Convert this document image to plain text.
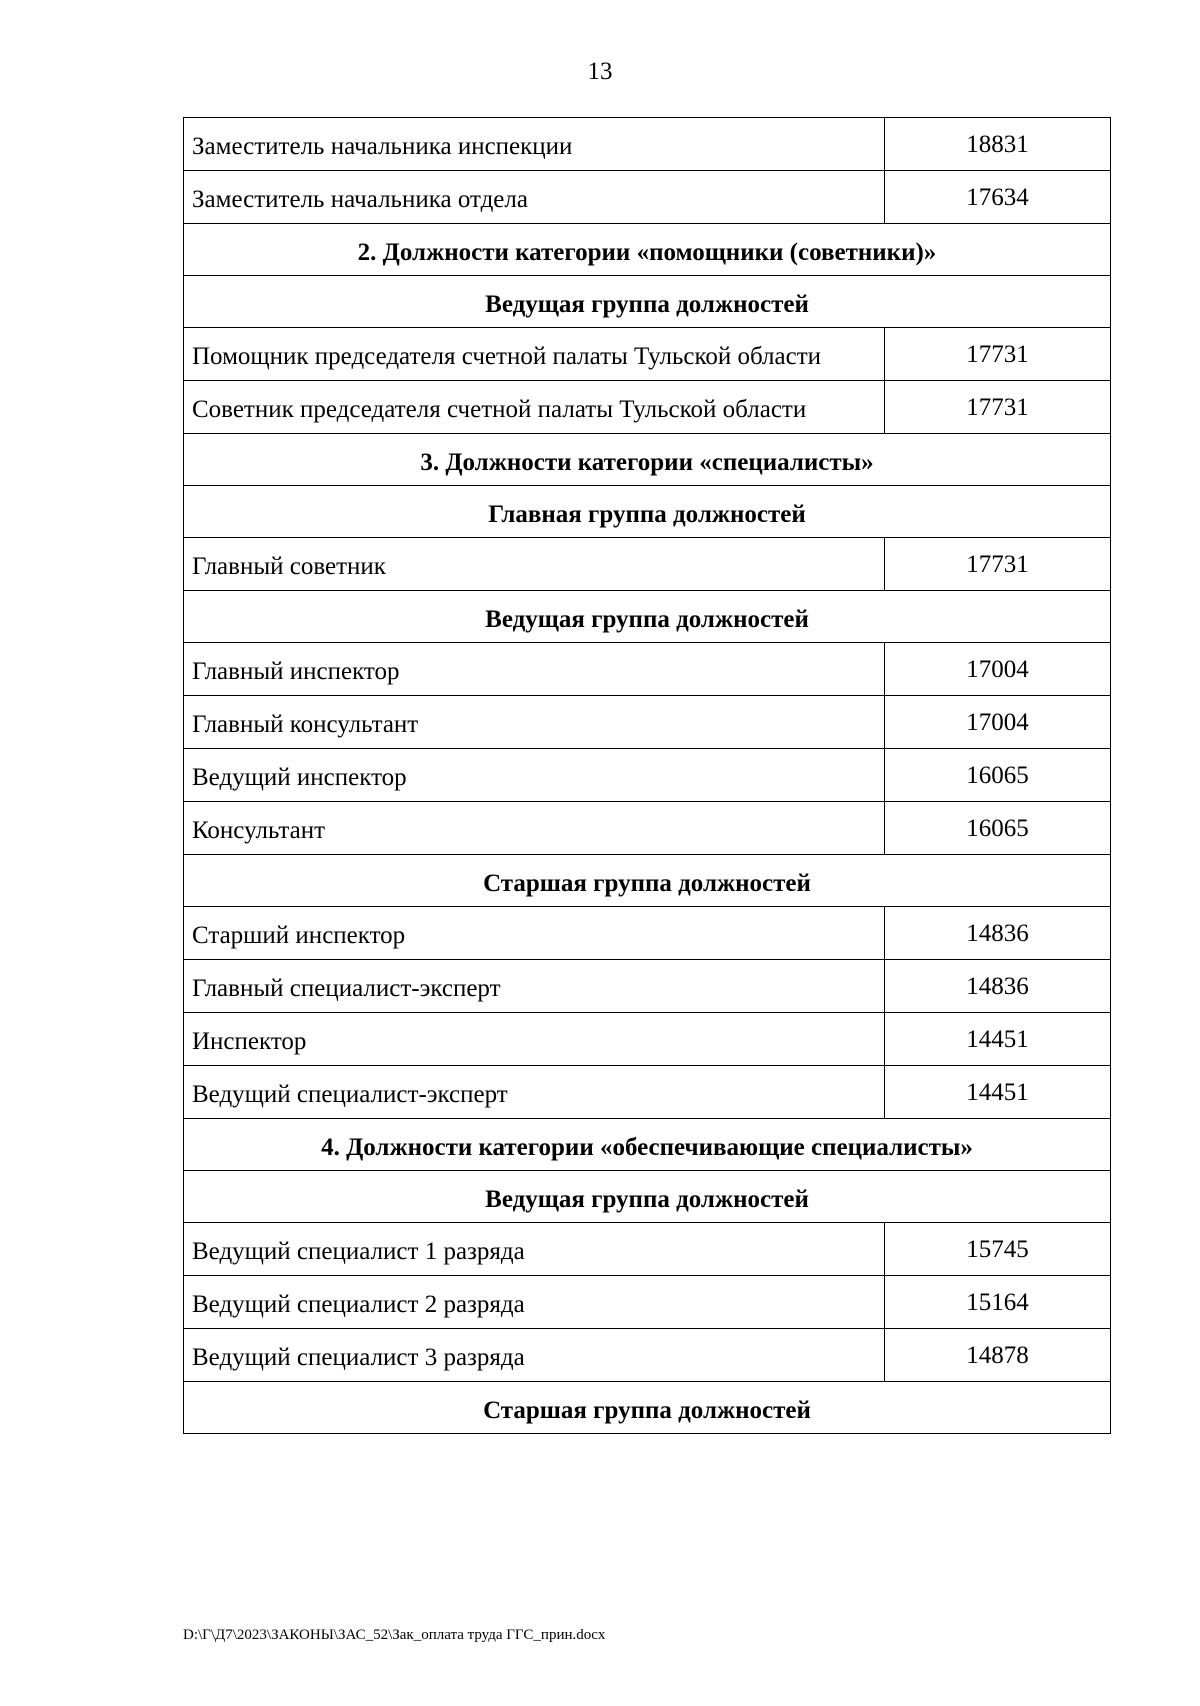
13
Заместитель начальника инспекции	18831
Заместитель начальника отдела	17634
2. Должности категории «помощники (советники)»	
Ведущая группа должностей	
Помощник председателя счетной палаты Тульской области	17731
Советник председателя счетной палаты Тульской области	17731
3. Должности категории «специалисты»	
Главная группа должностей	
Главный советник	17731
Ведущая группа должностей	
Главный инспектор	17004
Главный консультант	17004
Ведущий инспектор	16065
Консультант	16065
Старшая группа должностей	
Старший инспектор	14836
Главный специалист-эксперт	14836
Инспектор	14451
Ведущий специалист-эксперт	14451
4. Должности категории «обеспечивающие специалисты»	
Ведущая группа должностей	
Ведущий специалист 1 разряда	15745
Ведущий специалист 2 разряда	15164
Ведущий специалист 3 разряда	14878
Старшая группа должностей	
D:\Г\Д7\2023\ЗАКОНЫ\ЗАС_52\Зак_оплата труда ГГС_прин.docx
